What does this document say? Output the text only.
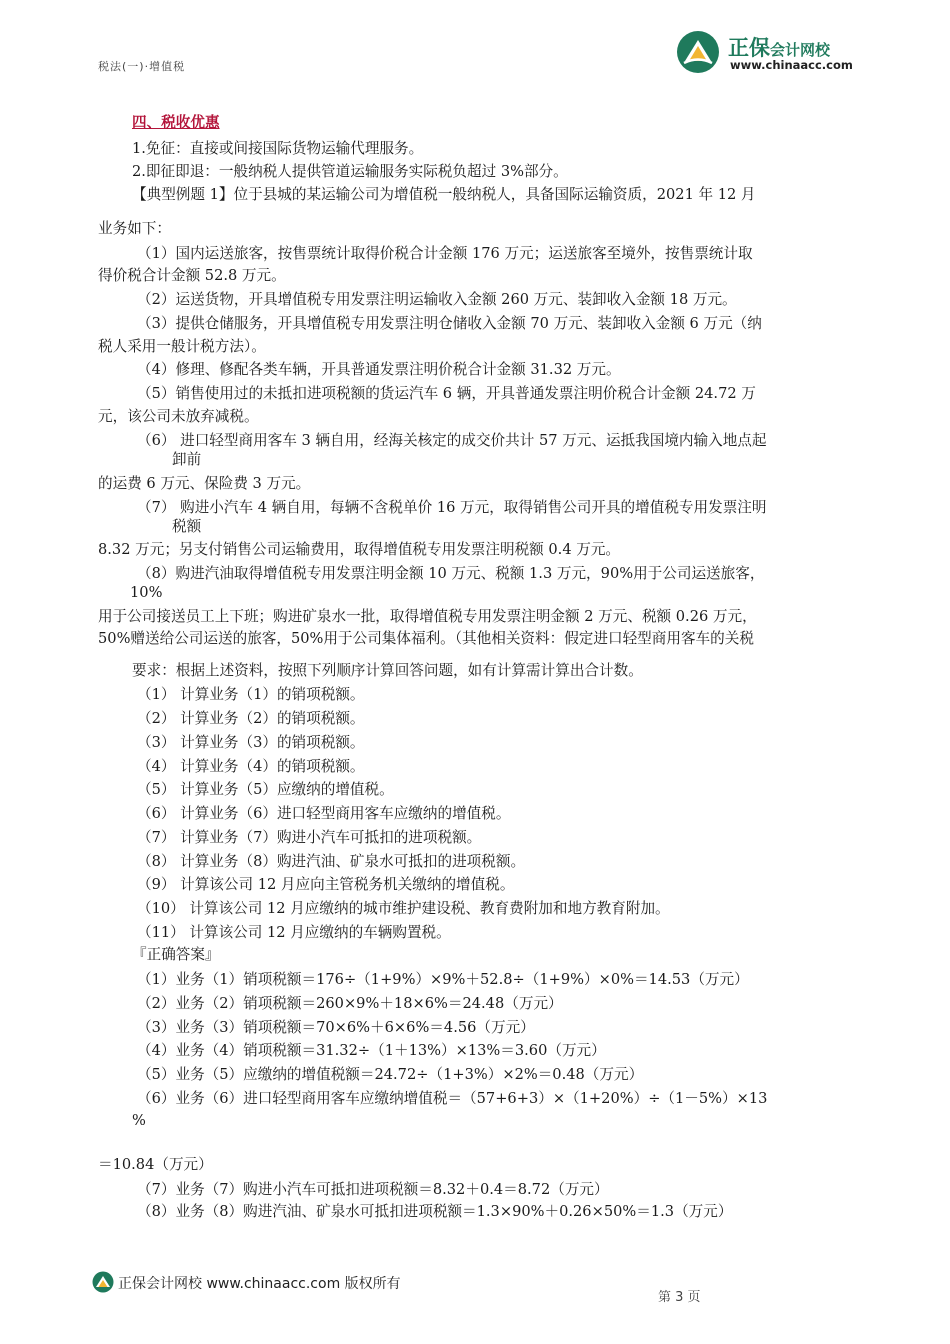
税法(一)·增值税
正保会计网校
www.chinaacc.com
四、税收优惠
1.免征：直接或间接国际货物运输代理服务。
2.即征即退：一般纳税人提供管道运输服务实际税负超过 3%部分。
【典型例题 1】位于县城的某运输公司为增值税一般纳税人，具备国际运输资质，2021 年 12 月
业务如下：
（1）国内运送旅客，按售票统计取得价税合计金额 176 万元；运送旅客至境外，按售票统计取
得价税合计金额 52.8 万元。
（2）运送货物，开具增值税专用发票注明运输收入金额 260 万元、装卸收入金额 18 万元。
（3）提供仓储服务，开具增值税专用发票注明仓储收入金额 70 万元、装卸收入金额 6 万元（纳
税人采用一般计税方法）。
（4）修理、修配各类车辆，开具普通发票注明价税合计金额 31.32 万元。
（5）销售使用过的未抵扣进项税额的货运汽车 6 辆，开具普通发票注明价税合计金额 24.72 万
元，该公司未放弃减税。
（6） 进口轻型商用客车 3 辆自用，经海关核定的成交价共计 57 万元、运抵我国境内输入地点起
卸前
的运费 6 万元、保险费 3 万元。
（7） 购进小汽车 4 辆自用，每辆不含税单价 16 万元，取得销售公司开具的增值税专用发票注明
税额
8.32 万元；另支付销售公司运输费用，取得增值税专用发票注明税额 0.4 万元。
（8）购进汽油取得增值税专用发票注明金额 10 万元、税额 1.3 万元，90%用于公司运送旅客，
10%
用于公司接送员工上下班；购进矿泉水一批，取得增值税专用发票注明金额 2 万元、税额 0.26 万元，
50%赠送给公司运送的旅客，50%用于公司集体福利。（其他相关资料：假定进口轻型商用客车的关税
要求：根据上述资料，按照下列顺序计算回答问题，如有计算需计算出合计数。
（1） 计算业务（1）的销项税额。
（2） 计算业务（2）的销项税额。
（3） 计算业务（3）的销项税额。
（4） 计算业务（4）的销项税额。
（5） 计算业务（5）应缴纳的增值税。
（6） 计算业务（6）进口轻型商用客车应缴纳的增值税。
（7） 计算业务（7）购进小汽车可抵扣的进项税额。
（8） 计算业务（8）购进汽油、矿泉水可抵扣的进项税额。
（9） 计算该公司 12 月应向主管税务机关缴纳的增值税。
（10） 计算该公司 12 月应缴纳的城市维护建设税、教育费附加和地方教育附加。
（11） 计算该公司 12 月应缴纳的车辆购置税。
『正确答案』
（1）业务（1）销项税额＝176÷（1+9%）×9%＋52.8÷（1+9%）×0%＝14.53（万元）
（2）业务（2）销项税额＝260×9%＋18×6%＝24.48（万元）
（3）业务（3）销项税额＝70×6%＋6×6%＝4.56（万元）
（4）业务（4）销项税额＝31.32÷（1＋13%）×13%＝3.60（万元）
（5）业务（5）应缴纳的增值税额＝24.72÷（1+3%）×2%＝0.48（万元）
（6）业务（6）进口轻型商用客车应缴纳增值税＝（57+6+3）×（1+20%）÷（1－5%）×13
%
＝10.84（万元）
（7）业务（7）购进小汽车可抵扣进项税额＝8.32＋0.4＝8.72（万元）
（8）业务（8）购进汽油、矿泉水可抵扣进项税额＝1.3×90%＋0.26×50%＝1.3（万元）
正保会计网校 www.chinaacc.com 版权所有
第 3 页
